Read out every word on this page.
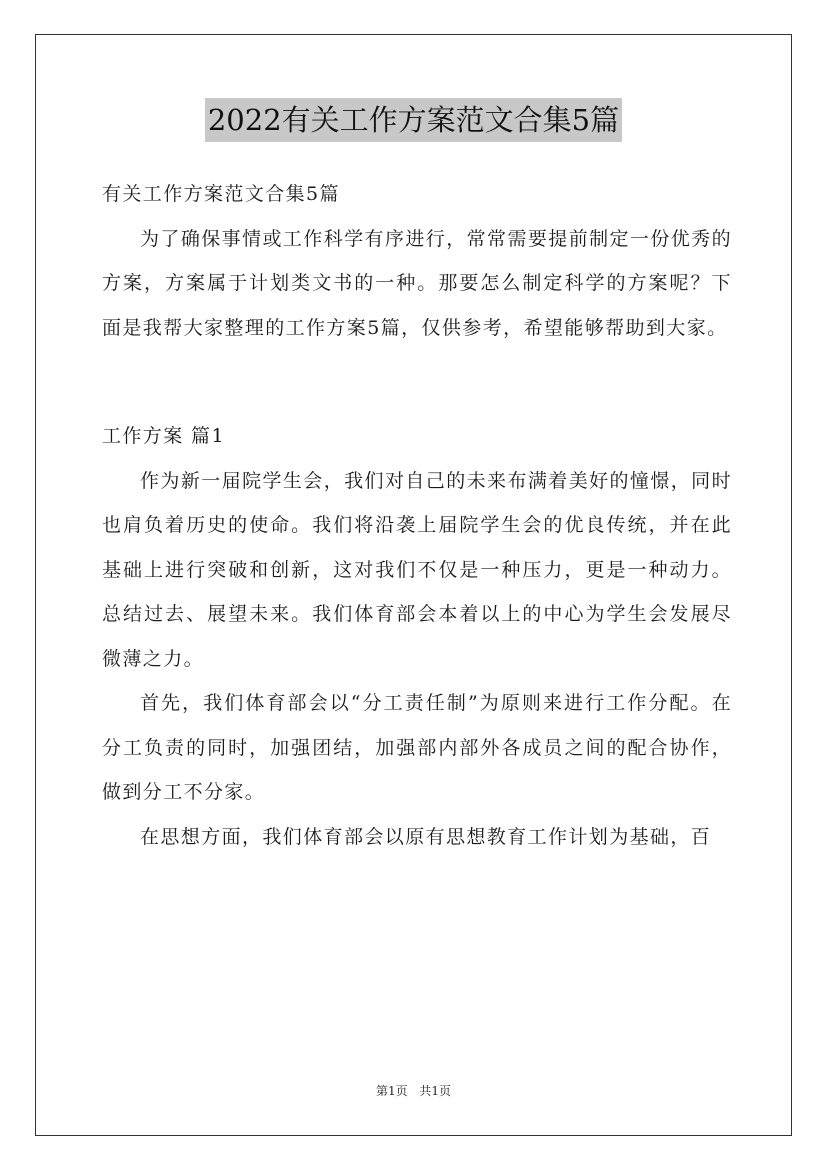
2022有关工作方案范文合集5篇

有关工作方案范文合集5篇

为了确保事情或工作科学有序进行，常常需要提前制定一份优秀的方案，方案属于计划类文书的一种。那要怎么制定科学的方案呢？下面是我帮大家整理的工作方案5篇，仅供参考，希望能够帮助到大家。

工作方案 篇1

作为新一届院学生会，我们对自己的未来布满着美好的憧憬，同时也肩负着历史的使命。我们将沿袭上届院学生会的优良传统，并在此基础上进行突破和创新，这对我们不仅是一种压力，更是一种动力。总结过去、展望未来。我们体育部会本着以上的中心为学生会发展尽微薄之力。

首先，我们体育部会以“分工责任制”为原则来进行工作分配。在分工负责的同时，加强团结，加强部内部外各成员之间的配合协作，做到分工不分家。

在思想方面，我们体育部会以原有思想教育工作计划为基础，百

第1页 共1页
